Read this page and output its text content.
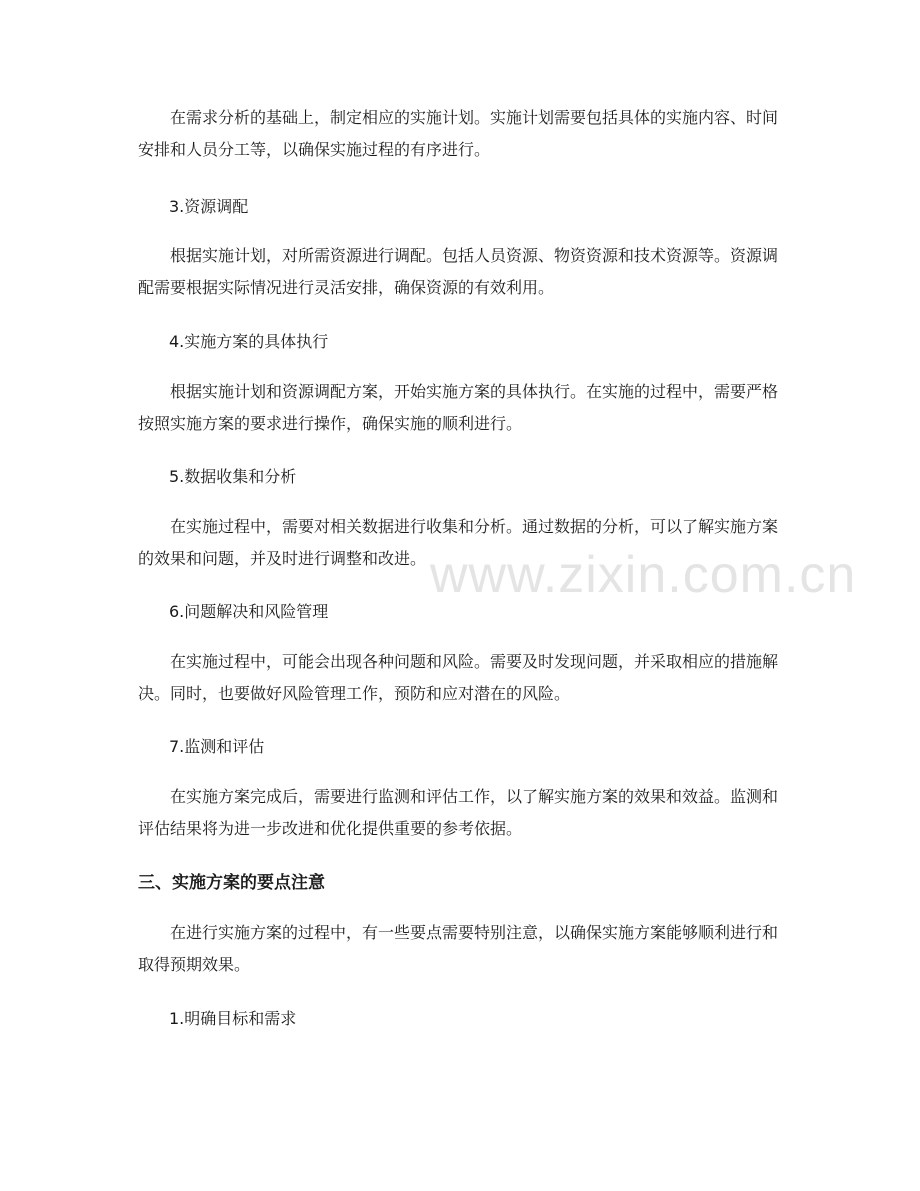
在需求分析的基础上，制定相应的实施计划。实施计划需要包括具体的实施内容、时间安排和人员分工等，以确保实施过程的有序进行。

3.资源调配

根据实施计划，对所需资源进行调配。包括人员资源、物资资源和技术资源等。资源调配需要根据实际情况进行灵活安排，确保资源的有效利用。

4.实施方案的具体执行

根据实施计划和资源调配方案，开始实施方案的具体执行。在实施的过程中，需要严格按照实施方案的要求进行操作，确保实施的顺利进行。

5.数据收集和分析

在实施过程中，需要对相关数据进行收集和分析。通过数据的分析，可以了解实施方案的效果和问题，并及时进行调整和改进。

6.问题解决和风险管理

在实施过程中，可能会出现各种问题和风险。需要及时发现问题，并采取相应的措施解决。同时，也要做好风险管理工作，预防和应对潜在的风险。

7.监测和评估

在实施方案完成后，需要进行监测和评估工作，以了解实施方案的效果和效益。监测和评估结果将为进一步改进和优化提供重要的参考依据。

三、实施方案的要点注意

在进行实施方案的过程中，有一些要点需要特别注意，以确保实施方案能够顺利进行和取得预期效果。

1.明确目标和需求

www.zixin.com.cn
